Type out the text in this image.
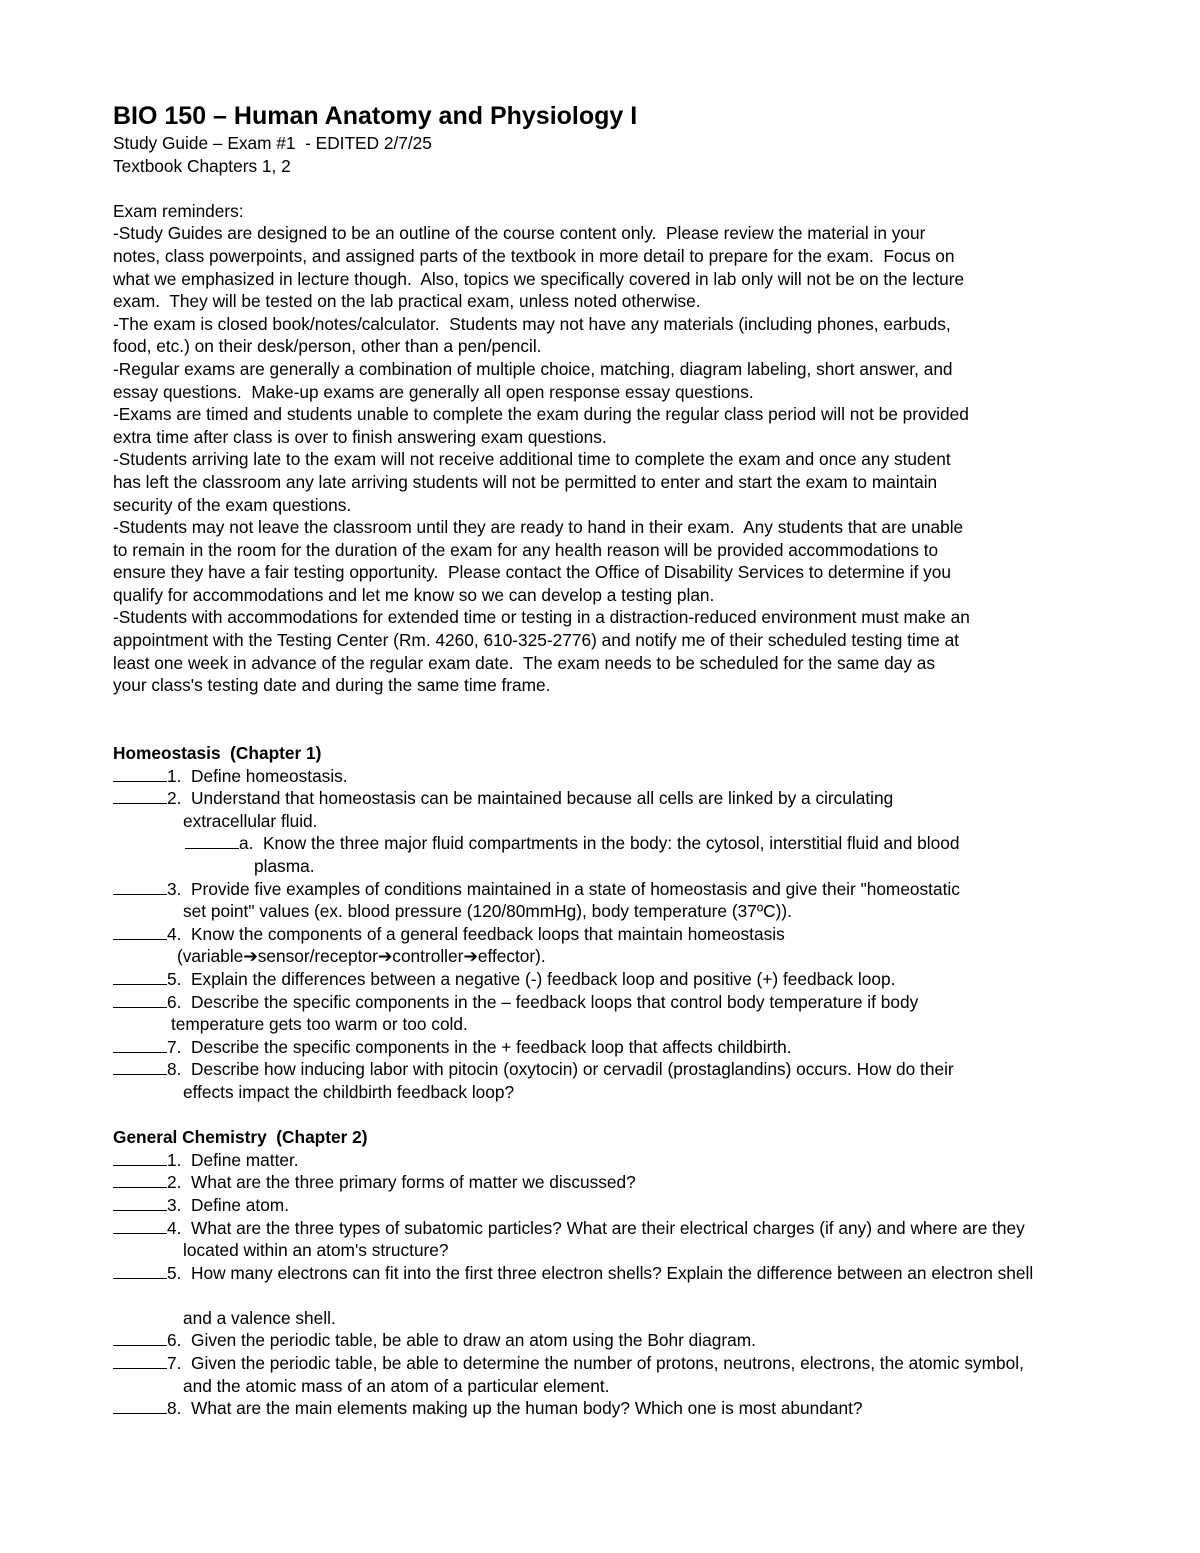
BIO 150 – Human Anatomy and Physiology I

Study Guide – Exam #1  - EDITED 2/7/25

Textbook Chapters 1, 2

Exam reminders:

-Study Guides are designed to be an outline of the course content only.  Please review the material in your

notes, class powerpoints, and assigned parts of the textbook in more detail to prepare for the exam.  Focus on

what we emphasized in lecture though.  Also, topics we specifically covered in lab only will not be on the lecture

exam.  They will be tested on the lab practical exam, unless noted otherwise.

-The exam is closed book/notes/calculator.  Students may not have any materials (including phones, earbuds,

food, etc.) on their desk/person, other than a pen/pencil.

-Regular exams are generally a combination of multiple choice, matching, diagram labeling, short answer, and

essay questions.  Make-up exams are generally all open response essay questions.

-Exams are timed and students unable to complete the exam during the regular class period will not be provided

extra time after class is over to finish answering exam questions.

-Students arriving late to the exam will not receive additional time to complete the exam and once any student

has left the classroom any late arriving students will not be permitted to enter and start the exam to maintain

security of the exam questions.

-Students may not leave the classroom until they are ready to hand in their exam.  Any students that are unable

to remain in the room for the duration of the exam for any health reason will be provided accommodations to

ensure they have a fair testing opportunity.  Please contact the Office of Disability Services to determine if you

qualify for accommodations and let me know so we can develop a testing plan.

-Students with accommodations for extended time or testing in a distraction-reduced environment must make an

appointment with the Testing Center (Rm. 4260, 610-325-2776) and notify me of their scheduled testing time at

least one week in advance of the regular exam date.  The exam needs to be scheduled for the same day as

your class's testing date and during the same time frame.

Homeostasis  (Chapter 1)

1. Define homeostasis.

2. Understand that homeostasis can be maintained because all cells are linked by a circulating
extracellular fluid.

a. Know the three major fluid compartments in the body: the cytosol, interstitial fluid and blood
plasma.

3. Provide five examples of conditions maintained in a state of homeostasis and give their "homeostatic
set point" values (ex. blood pressure (120/80mmHg), body temperature (37ºC)).

4. Know the components of a general feedback loops that maintain homeostasis
(variable➔sensor/receptor➔controller➔effector).

5. Explain the differences between a negative (-) feedback loop and positive (+) feedback loop.

6. Describe the specific components in the – feedback loops that control body temperature if body
temperature gets too warm or too cold.

7. Describe the specific components in the + feedback loop that affects childbirth.

8. Describe how inducing labor with pitocin (oxytocin) or cervadil (prostaglandins) occurs. How do their
effects impact the childbirth feedback loop?

General Chemistry  (Chapter 2)

1. Define matter.

2. What are the three primary forms of matter we discussed?

3. Define atom.

4. What are the three types of subatomic particles? What are their electrical charges (if any) and where are they
located within an atom's structure?

5. How many electrons can fit into the first three electron shells? Explain the difference between an electron shell
and a valence shell.

6. Given the periodic table, be able to draw an atom using the Bohr diagram.

7. Given the periodic table, be able to determine the number of protons, neutrons, electrons, the atomic symbol,
and the atomic mass of an atom of a particular element.

8. What are the main elements making up the human body? Which one is most abundant?
